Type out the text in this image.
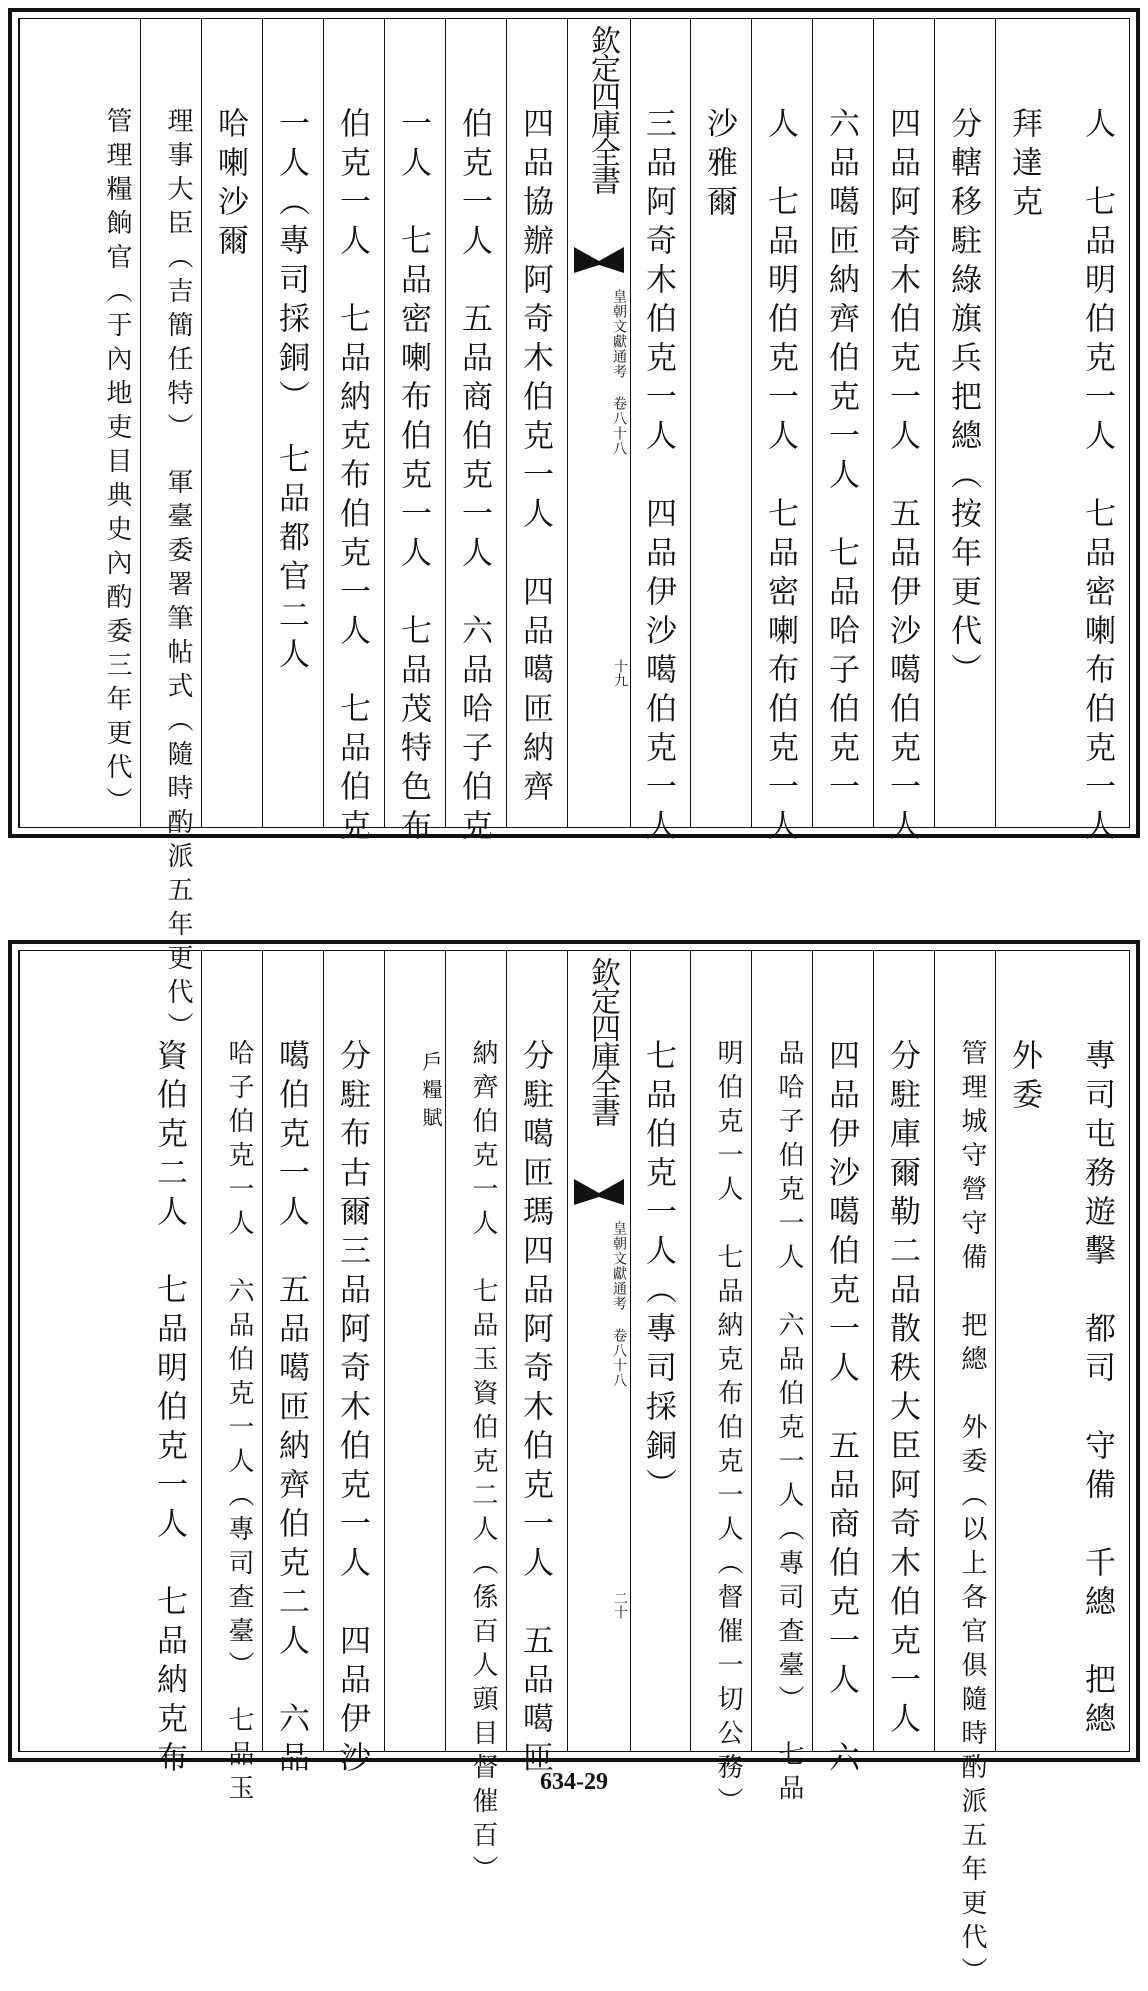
人　七品明伯克一人　七品密喇布伯克一人
拜達克
分轄移駐綠旗兵把總（按年更代）
四品阿奇木伯克一人　五品伊沙噶伯克一人
六品噶匝納齊伯克一人　七品哈子伯克一
人　七品明伯克一人　七品密喇布伯克一人
沙雅爾
三品阿奇木伯克一人　四品伊沙噶伯克一人
欽定四庫全書
皇朝文獻通考 卷八十八
十九
四品協辦阿奇木伯克一人　四品噶匝納齊
伯克一人　五品商伯克一人　六品哈子伯克
一人　七品密喇布伯克一人　七品茂特色布
伯克一人　七品納克布伯克一人　七品伯克
一人（專司採銅）　七品都官二人
哈喇沙爾
理事大臣（吉簡任特）　軍臺委署筆帖式（隨時酌派五年更代）
管理糧餉官（于內地吏目典史內酌委三年更代）
專司屯務遊擊　都司　守備　千總　把總
外委
管理城守營守備　把總　外委（以上各官俱隨時酌派五年更代）
分駐庫爾勒二品散秩大臣阿奇木伯克一人
四品伊沙噶伯克一人　五品商伯克一人　六
品哈子伯克一人　六品伯克一人（專司查臺）　七品
明伯克一人　七品納克布伯克一人（督催一切公務）
七品伯克一人（專司採銅）
欽定四庫全書
皇朝文獻通考 卷八十八
二十
分駐噶匝瑪四品阿奇木伯克一人　五品噶匝
納齊伯克一人　七品玉資伯克二人（係百人頭目督催百）
戶糧賦
分駐布古爾三品阿奇木伯克一人　四品伊沙
噶伯克一人　五品噶匝納齊伯克二人　六品
哈子伯克一人　六品伯克一人（專司查臺）　七品玉
資伯克二人　七品明伯克一人　七品納克布
634-29
